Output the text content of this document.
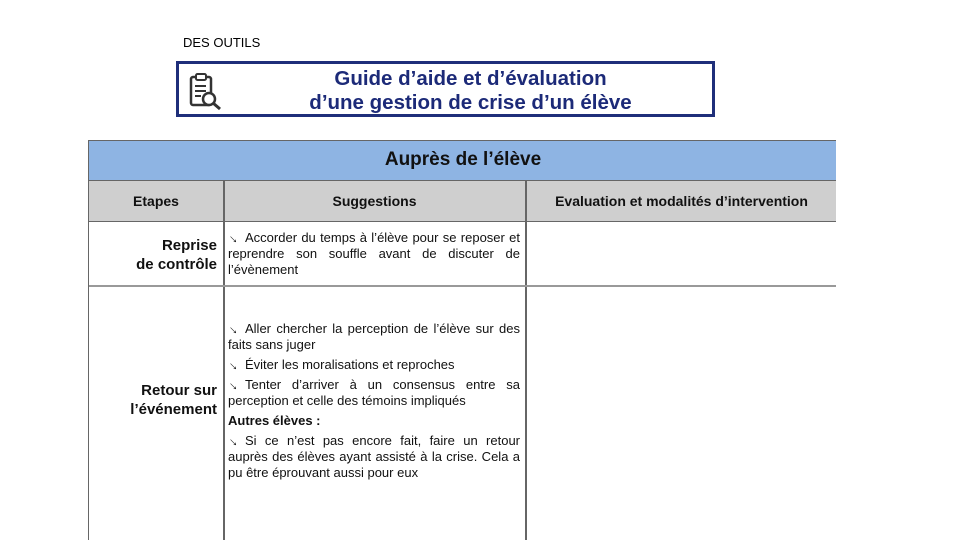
DES OUTILS
Guide d’aide et d’évaluation
d’une gestion de crise d’un élève
Auprès de l’élève
Etapes	Suggestions	Evaluation et modalités d’intervention
Reprise
de contrôle

→Accorder du temps à l’élève pour se reposer et reprendre son souffle avant de discuter de l’évènement

Retour sur
l’événement

→Aller chercher la perception de l’élève sur des faits sans juger

→Éviter les moralisations et reproches

→Tenter d’arriver à un consensus entre sa perception et celle des témoins impliqués

Autres élèves :

→Si ce n’est pas encore fait, faire un retour auprès des élèves ayant assisté à la crise. Cela a pu être éprouvant aussi pour eux
